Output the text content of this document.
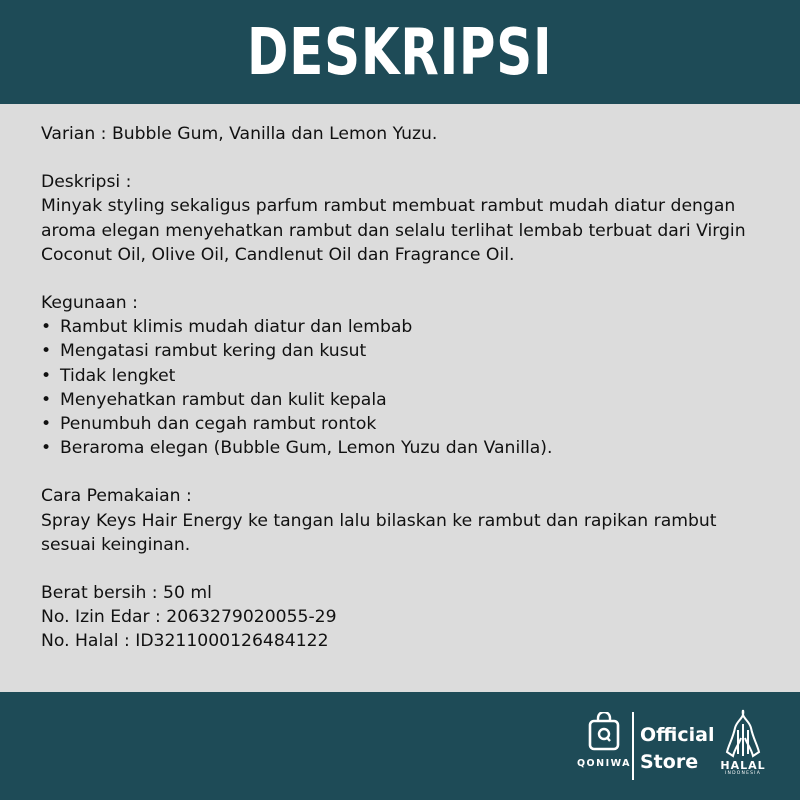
DESKRIPSI

Varian : Bubble Gum, Vanilla dan Lemon Yuzu.

Deskripsi :

Minyak styling sekaligus parfum rambut membuat rambut mudah diatur dengan aroma elegan menyehatkan rambut dan selalu terlihat lembab terbuat dari Virgin Coconut Oil, Olive Oil, Candlenut Oil dan Fragrance Oil.

Kegunaan :

• Rambut klimis mudah diatur dan lembab
• Mengatasi rambut kering dan kusut
• Tidak lengket
• Menyehatkan rambut dan kulit kepala
• Penumbuh dan cegah rambut rontok
• Beraroma elegan (Bubble Gum, Lemon Yuzu dan Vanilla).

Cara Pemakaian :

Spray Keys Hair Energy ke tangan lalu bilaskan ke rambut dan rapikan rambut sesuai keinginan.

Berat bersih : 50 ml

No. Izin Edar : 2063279020055-29

No. Halal : ID3211000126484122

QONIWA
Official
Store	HALAL
INDONESIA
